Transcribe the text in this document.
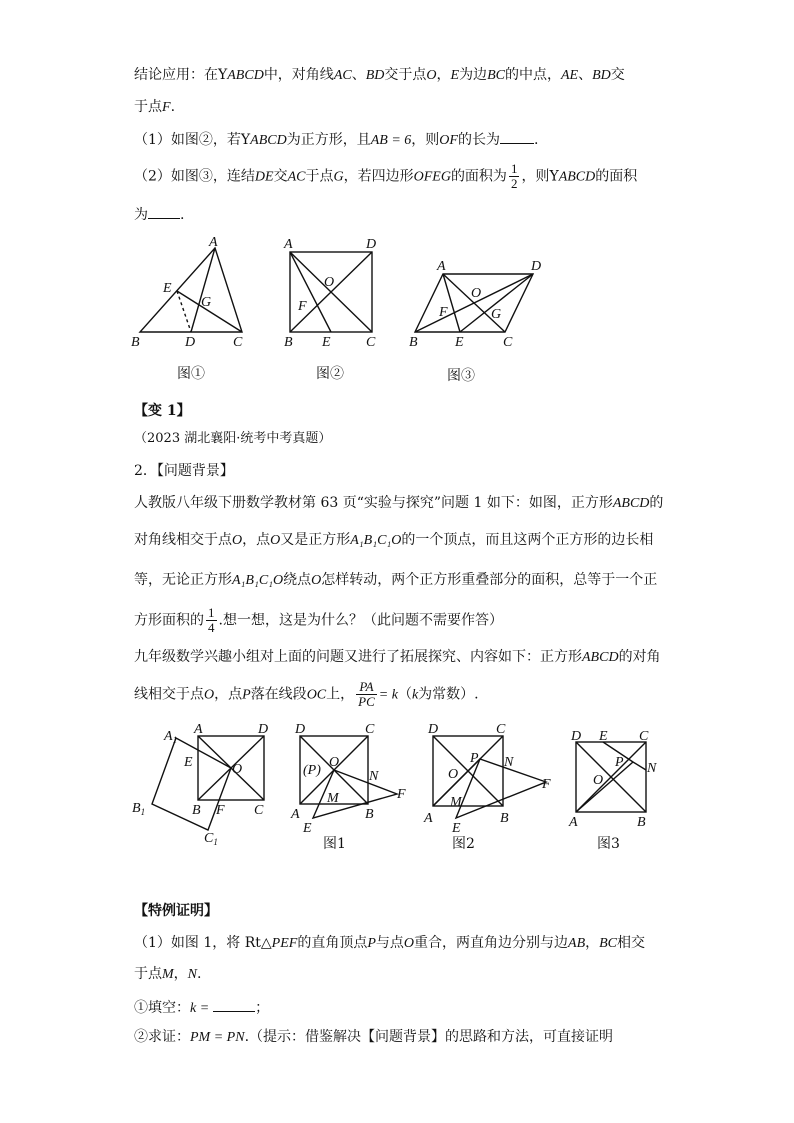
结论应用：在YABCD中，对角线AC、BD交于点O，E为边BC的中点，AE、BD交
于点F.
（1）如图②，若YABCD为正方形，且AB = 6，则OF的长为 .
（2）如图③，连结DE交AC于点G，若四边形OFEG的面积为 $\frac{1}{2}$ ，则YABCD的面积
为 .
A
E
G
B	D	C
图①
A	D
O
F
B E	C
图②
A	D
O
F	G
B	E	C
图③
【变 1】
（2023 湖北襄阳·统考中考真题）
2．【问题背景】
人教版八年级下册数学教材第 63 页“实验与探究”问题 1 如下：如图，正方形ABCD的
对角线相交于点O，点O又是正方形A₁B₁C₁O的一个顶点，而且这两个正方形的边长相
等，无论正方形A₁B₁C₁O绕点O怎样转动，两个正方形重叠部分的面积，总等于一个正
方形面积的 $\frac{1}{4}$ .想一想，这是为什么？（此问题不需要作答）
九年级数学兴趣小组对上面的问题又进行了拓展探究、内容如下：正方形ABCD的对角
线相交于点O，点P落在线段OC上， $\frac{PA}{PC} = k(k$为常数）.
$A_1$
A	D
E	O
$B_1$	B F C
$C_1$
D	C
(P)
O
N
M	F
A	B
E
图1
D	C
P N
O
F
M
A	B
E
图2
D E C
P N
O
A	B
图3
【特例证明】
（1）如图 1，将 Rt△PEF的直角顶点P与点O重合，两直角边分别与边AB，BC相交
于点M，N.
①填空：k =	；
②求证：PM = PN.（提示：借鉴解决【问题背景】的思路和方法，可直接证明
